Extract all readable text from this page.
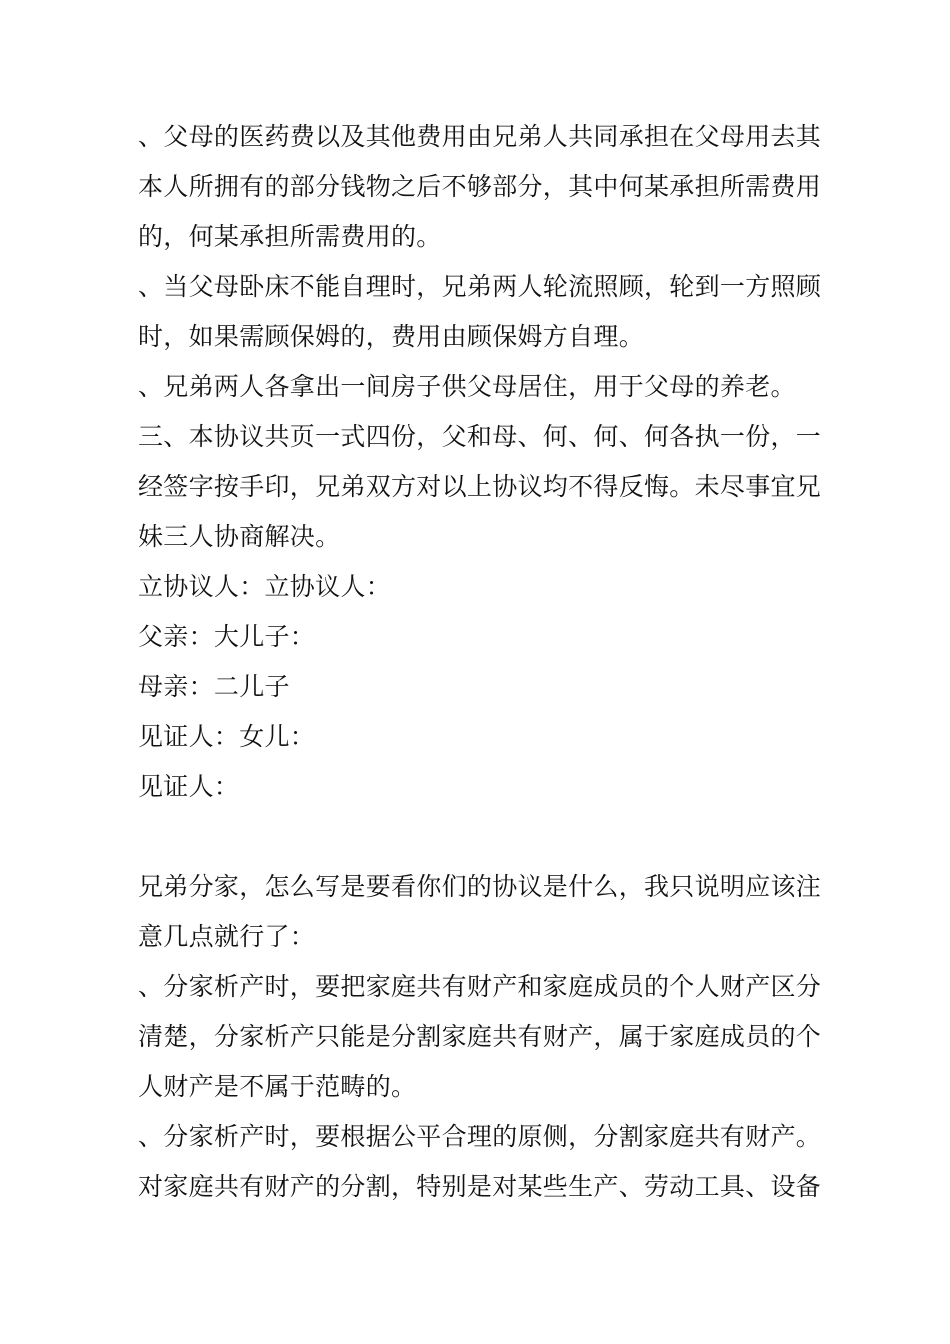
、父母的医药费以及其他费用由兄弟人共同承担在父母用去其
本人所拥有的部分钱物之后不够部分，其中何某承担所需费用
的，何某承担所需费用的。
、当父母卧床不能自理时，兄弟两人轮流照顾，轮到一方照顾
时，如果需顾保姆的，费用由顾保姆方自理。
、兄弟两人各拿出一间房子供父母居住，用于父母的养老。
三、本协议共页一式四份，父和母、何、何、何各执一份，一
经签字按手印，兄弟双方对以上协议均不得反悔。未尽事宜兄
妹三人协商解决。
立协议人：立协议人：
父亲：大儿子：
母亲：二儿子
见证人：女儿：
见证人：
兄弟分家，怎么写是要看你们的协议是什么，我只说明应该注
意几点就行了：
、分家析产时，要把家庭共有财产和家庭成员的个人财产区分
清楚，分家析产只能是分割家庭共有财产，属于家庭成员的个
人财产是不属于范畴的。
、分家析产时，要根据公平合理的原侧，分割家庭共有财产。
对家庭共有财产的分割，特别是对某些生产、劳动工具、设备
